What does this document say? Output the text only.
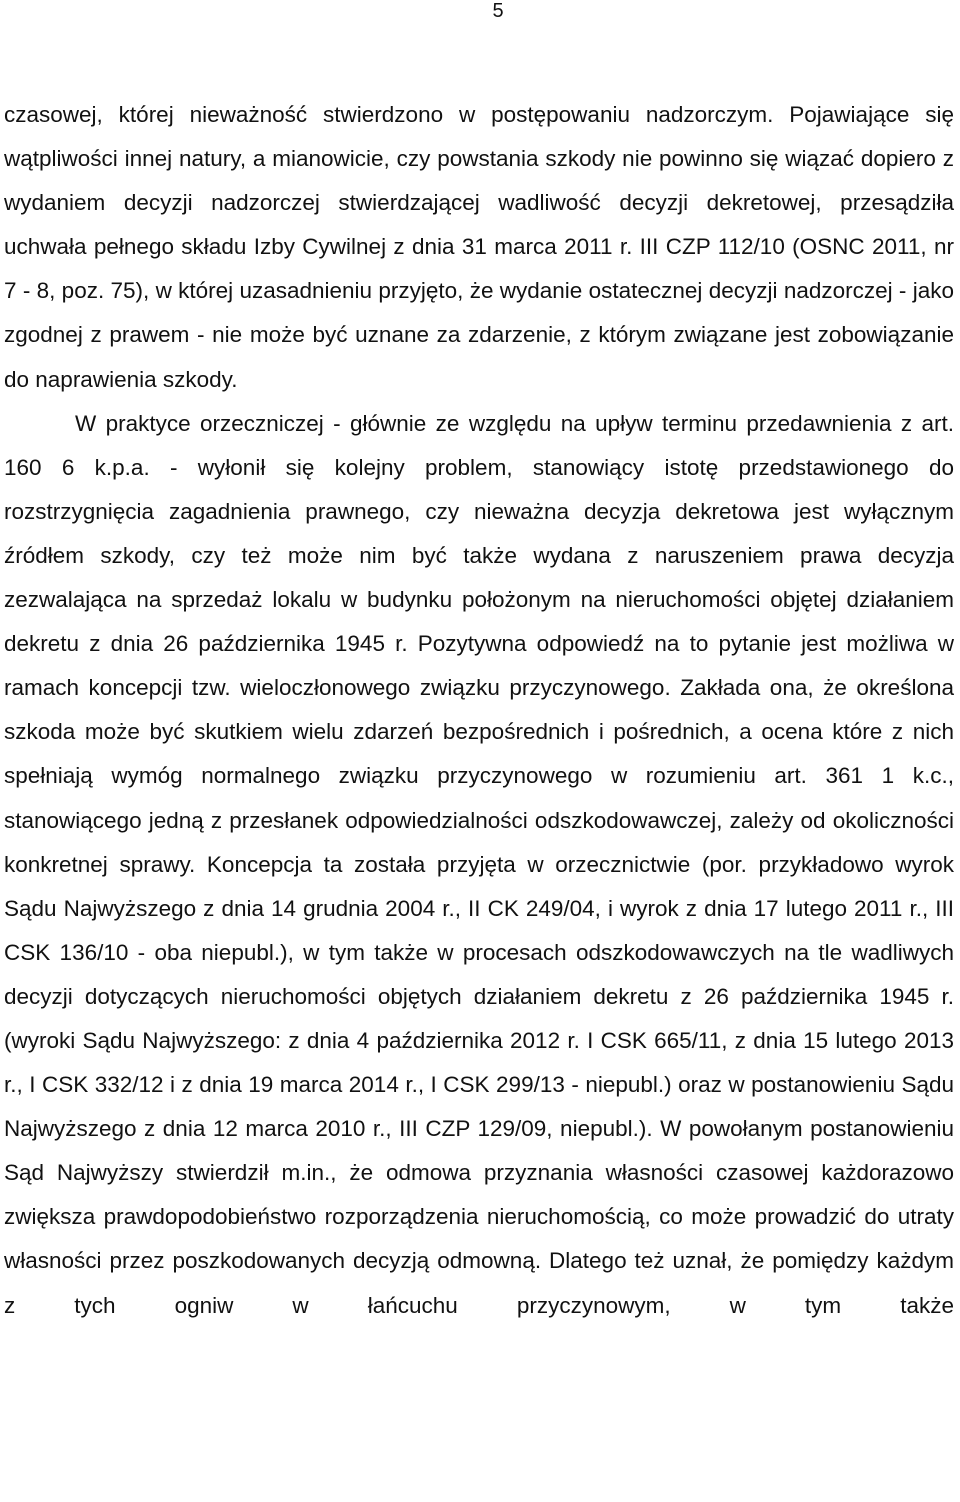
5

czasowej, której nieważność stwierdzono w postępowaniu nadzorczym. Pojawiające się wątpliwości innej natury, a mianowicie, czy powstania szkody nie powinno się wiązać dopiero z wydaniem decyzji nadzorczej stwierdzającej wadliwość decyzji dekretowej, przesądziła uchwała pełnego składu Izby Cywilnej z dnia 31 marca 2011 r. III CZP 112/10 (OSNC 2011, nr 7 - 8, poz. 75), w której uzasadnieniu przyjęto, że wydanie ostatecznej decyzji nadzorczej - jako zgodnej z prawem - nie może być uznane za zdarzenie, z którym związane jest zobowiązanie do naprawienia szkody.

W praktyce orzeczniczej - głównie ze względu na upływ terminu przedawnienia z art. 160 6 k.p.a. - wyłonił się kolejny problem, stanowiący istotę przedstawionego do rozstrzygnięcia zagadnienia prawnego, czy nieważna decyzja dekretowa jest wyłącznym źródłem szkody, czy też może nim być także wydana z naruszeniem prawa decyzja zezwalająca na sprzedaż lokalu w budynku położonym na nieruchomości objętej działaniem dekretu z dnia 26 października 1945 r. Pozytywna odpowiedź na to pytanie jest możliwa w ramach koncepcji tzw. wieloczłonowego związku przyczynowego. Zakłada ona, że określona szkoda może być skutkiem wielu zdarzeń bezpośrednich i pośrednich, a ocena które z nich spełniają wymóg normalnego związku przyczynowego w rozumieniu art. 361 1 k.c., stanowiącego jedną z przesłanek odpowiedzialności odszkodowawczej, zależy od okoliczności konkretnej sprawy. Koncepcja ta została przyjęta w orzecznictwie (por. przykładowo wyrok Sądu Najwyższego z dnia 14 grudnia 2004 r., II CK 249/04, i wyrok z dnia 17 lutego 2011 r., III CSK 136/10 - oba niepubl.), w tym także w procesach odszkodowawczych na tle wadliwych decyzji dotyczących nieruchomości objętych działaniem dekretu z 26 października 1945 r. (wyroki Sądu Najwyższego: z dnia 4 października 2012 r. I CSK 665/11, z dnia 15 lutego 2013 r., I CSK 332/12 i z dnia 19 marca 2014 r., I CSK 299/13 - niepubl.) oraz w postanowieniu Sądu Najwyższego z dnia 12 marca 2010 r., III CZP 129/09, niepubl.). W powołanym postanowieniu Sąd Najwyższy stwierdził m.in., że odmowa przyznania własności czasowej każdorazowo zwiększa prawdopodobieństwo rozporządzenia nieruchomością, co może prowadzić do utraty własności przez poszkodowanych decyzją odmowną. Dlatego też uznał, że pomiędzy każdym z tych ogniw w łańcuchu przyczynowym, w tym także
